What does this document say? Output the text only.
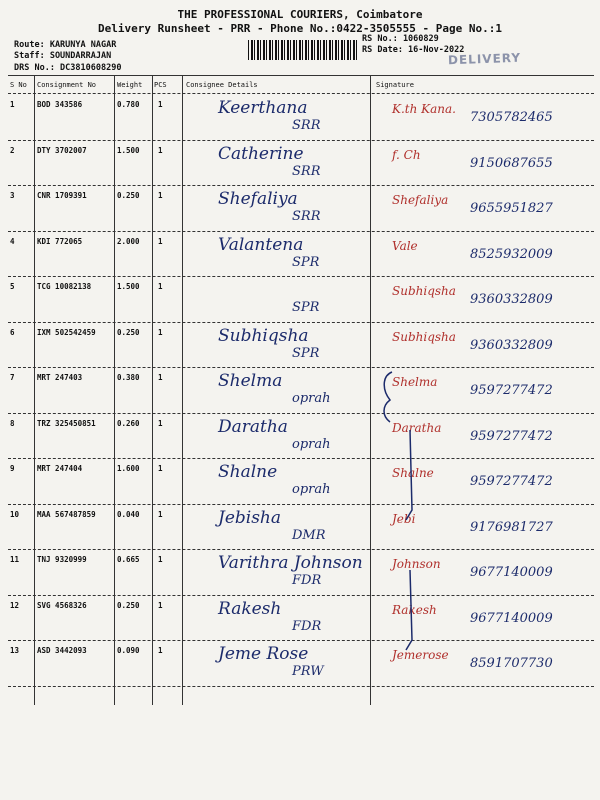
THE PROFESSIONAL COURIERS, Coimbatore
Delivery Runsheet - PRR - Phone No.:0422-3505555 - Page No.:1
Route: KARUNYA NAGAR
Staff: SOUNDARRAJAN
DRS No.: DC3810608290
RS No.: 1060829
RS Date: 16-Nov-2022
DELIVERY
S No Consignment No	Weight PCS	Consignee Details	Signature
1	BOD 343586	0.780 1	Keerthana
SRR
K.th Kana.
7305782465
2	DTY 3702007	1.500 1	Catherine
SRR
f. Ch
9150687655
3	CNR 1709391	0.250 1	Shefaliya
SRR
Shefaliya
9655951827
4	KDI 772065	2.000 1	Valantena
SPR
Vale
8525932009
5	TCG 10082138	1.500 1
SPR
Subhiqsha
9360332809
6	IXM 502542459	0.250 1	Subhiqsha
SPR
Subhiqsha
9360332809
7	MRT 247403	0.380 1	Shelma
oprah
Shelma
9597277472
8	TRZ 325450851	0.260 1	Daratha
oprah
Daratha
9597277472
9	MRT 247404	1.600 1	Shalne
oprah
Shalne
9597277472
10 MAA 567487859	0.040 1	Jebisha
DMR
Jebi
9176981727
11 TNJ 9320999	0.665 1	Varithra Johnson
FDR
Johnson
9677140009
12 SVG 4568326	0.250 1	Rakesh
FDR
Rakesh
9677140009
13 ASD 3442093	0.090 1	Jeme Rose
PRW
Jemerose
8591707730
